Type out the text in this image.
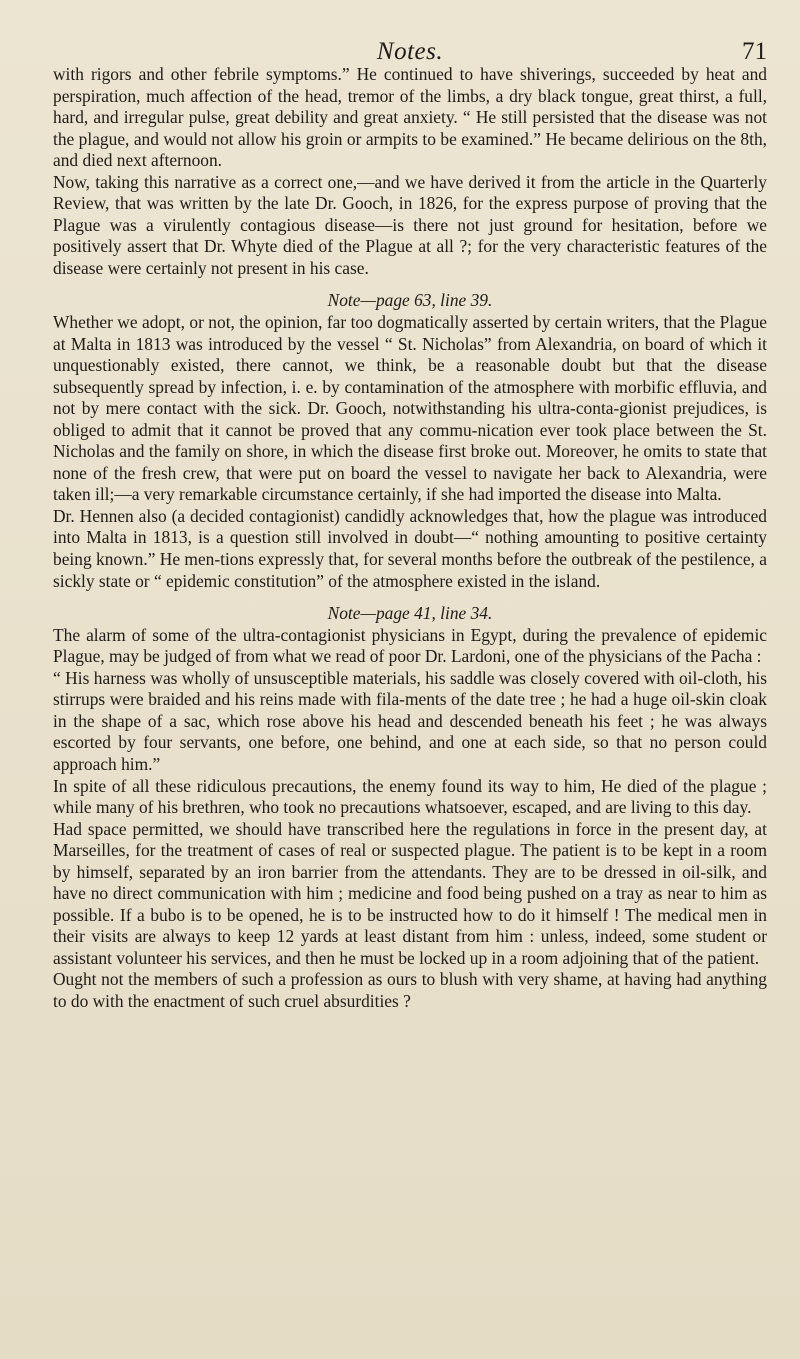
Notes.	71

with rigors and other febrile symptoms.” He continued to have shiverings, succeeded by heat and perspiration, much affection of the head, tremor of the limbs, a dry black tongue, great thirst, a full, hard, and irregular pulse, great debility and great anxiety. “ He still persisted that the disease was not the plague, and would not allow his groin or armpits to be examined.” He became delirious on the 8th, and died next afternoon.

Now, taking this narrative as a correct one,—and we have derived it from the article in the Quarterly Review, that was written by the late Dr. Gooch, in 1826, for the express purpose of proving that the Plague was a virulently contagious disease—is there not just ground for hesitation, before we positively assert that Dr. Whyte died of the Plague at all ?; for the very characteristic features of the disease were certainly not present in his case.

Note—page 63, line 39.

Whether we adopt, or not, the opinion, far too dogmatically asserted by certain writers, that the Plague at Malta in 1813 was introduced by the vessel “ St. Nicholas” from Alexandria, on board of which it unquestionably existed, there cannot, we think, be a reasonable doubt but that the disease subsequently spread by infection, i. e. by contamination of the atmosphere with morbific effluvia, and not by mere contact with the sick. Dr. Gooch, notwithstanding his ultra-conta-gionist prejudices, is obliged to admit that it cannot be proved that any commu-nication ever took place between the St. Nicholas and the family on shore, in which the disease first broke out. Moreover, he omits to state that none of the fresh crew, that were put on board the vessel to navigate her back to Alexandria, were taken ill;—a very remarkable circumstance certainly, if she had imported the disease into Malta.

Dr. Hennen also (a decided contagionist) candidly acknowledges that, how the plague was introduced into Malta in 1813, is a question still involved in doubt—“ nothing amounting to positive certainty being known.” He men-tions expressly that, for several months before the outbreak of the pestilence, a sickly state or “ epidemic constitution” of the atmosphere existed in the island.

Note—page 41, line 34.

The alarm of some of the ultra-contagionist physicians in Egypt, during the prevalence of epidemic Plague, may be judged of from what we read of poor Dr. Lardoni, one of the physicians of the Pacha :

“ His harness was wholly of unsusceptible materials, his saddle was closely covered with oil-cloth, his stirrups were braided and his reins made with fila-ments of the date tree ; he had a huge oil-skin cloak in the shape of a sac, which rose above his head and descended beneath his feet ; he was always escorted by four servants, one before, one behind, and one at each side, so that no person could approach him.”

In spite of all these ridiculous precautions, the enemy found its way to him, He died of the plague ; while many of his brethren, who took no precautions whatsoever, escaped, and are living to this day.

Had space permitted, we should have transcribed here the regulations in force in the present day, at Marseilles, for the treatment of cases of real or suspected plague. The patient is to be kept in a room by himself, separated by an iron barrier from the attendants. They are to be dressed in oil-silk, and have no direct communication with him ; medicine and food being pushed on a tray as near to him as possible. If a bubo is to be opened, he is to be instructed how to do it himself ! The medical men in their visits are always to keep 12 yards at least distant from him : unless, indeed, some student or assistant volunteer his services, and then he must be locked up in a room adjoining that of the patient.

Ought not the members of such a profession as ours to blush with very shame, at having had anything to do with the enactment of such cruel absurdities ?
